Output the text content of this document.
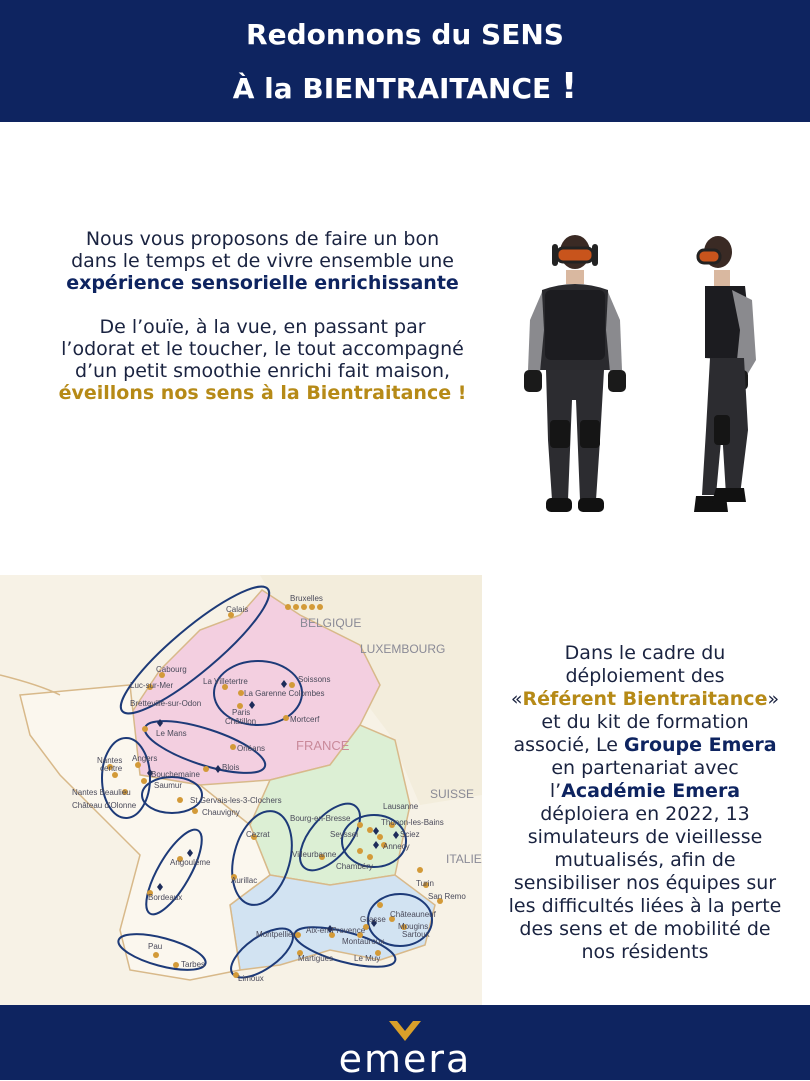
Redonnons du SENS
À la BIENTRAITANCE !

Nous vous proposons de faire un bon

dans le temps et de vivre ensemble une

expérience sensorielle enrichissante

De l’ouïe, à la vue, en passant par

l’odorat et le toucher, le tout accompagné

d’un petit smoothie enrichi fait maison,

éveillons nos sens à la Bientraitance !

BELGIQUE
LUXEMBOURG
FRANCE
SUISSE
ITALIE
Bruxelles
Calais
Cabourg
Luc-sur-Mer
Bretteville-sur-Odon
La Villetertre	Soissons
La Garenne Colombes
Paris
Châtillon	Mortcerf
Le Mans
Orléans
Blois
Nantes
centre
Angers
Bouchemaine
Saumur
Nantes Beaulieu
Château d'Olonne
St Gervais-les-3-Clochers
Chauvigny
Cezrat
Bourg-en-Bresse
Lausanne
Thonon-les-Bains
Sciez
Seyssel
Annecy
Villeurbanne
Chambéry
Angoulême
Aurillac
Bordeaux
Turin
San Remo
Grasse
Châteauneuf
Mougins
Sartoux
Montpellier Aix-en-Provence
Montauroux
Martigues	Le Muy
Pau
Tarbes
Limoux
Dans le cadre du
déploiement des
«Référent Bientraitance»
et du kit de formation
associé, Le Groupe Emera
en partenariat avec
l’Académie Emera
déploiera en 2022, 13
simulateurs de vieillesse
mutualisés, afin de
sensibiliser nos équipes sur
les difficultés liées à la perte
des sens et de mobilité de
nos résidents
emera
